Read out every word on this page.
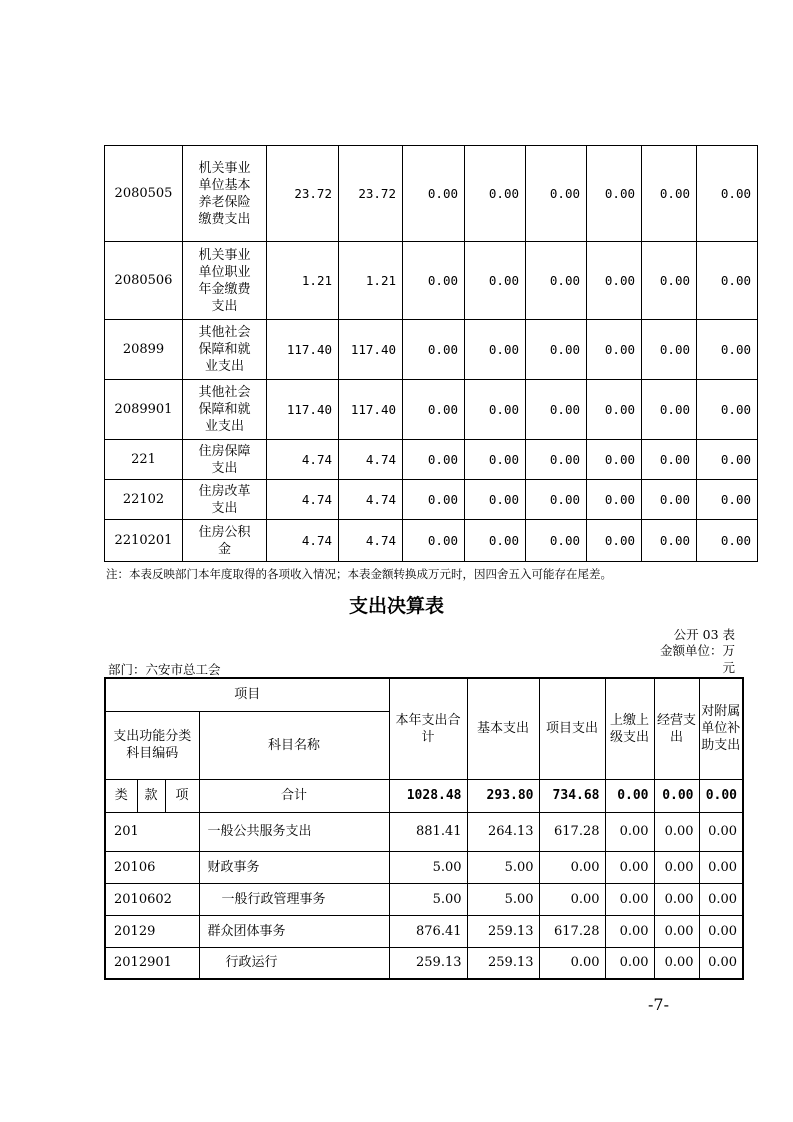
2080505	机关事业单位基本养老保险缴费支出	23.72	23.72	0.00	0.00	0.00	0.00	0.00	0.00
2080506	机关事业单位职业年金缴费支出	1.21	1.21	0.00	0.00	0.00	0.00	0.00	0.00
20899	其他社会保障和就业支出	117.40	117.40	0.00	0.00	0.00	0.00	0.00	0.00
2089901	其他社会保障和就业支出	117.40	117.40	0.00	0.00	0.00	0.00	0.00	0.00
221	住房保障支出	4.74	4.74	0.00	0.00	0.00	0.00	0.00	0.00
22102	住房改革支出	4.74	4.74	0.00	0.00	0.00	0.00	0.00	0.00
2210201	住房公积金	4.74	4.74	0.00	0.00	0.00	0.00	0.00	0.00
注：本表反映部门本年度取得的各项收入情况；本表金额转换成万元时，因四舍五入可能存在尾差。
支出决算表
公开 03 表
金额单位：万元
部门：六安市总工会
项目				本年支出合计	基本支出	项目支出	上缴上级支出	经营支出	对附属单位补助支出
支出功能分类科目编码			科目名称						
类	款	项	合计	1028.48	293.80	734.68	0.00	0.00	0.00
201			一般公共服务支出	881.41	264.13	617.28	0.00	0.00	0.00
20106			财政事务	5.00	5.00	0.00	0.00	0.00	0.00
2010602			一般行政管理事务	5.00	5.00	0.00	0.00	0.00	0.00
20129			群众团体事务	876.41	259.13	617.28	0.00	0.00	0.00
2012901			行政运行	259.13	259.13	0.00	0.00	0.00	0.00
-7-
